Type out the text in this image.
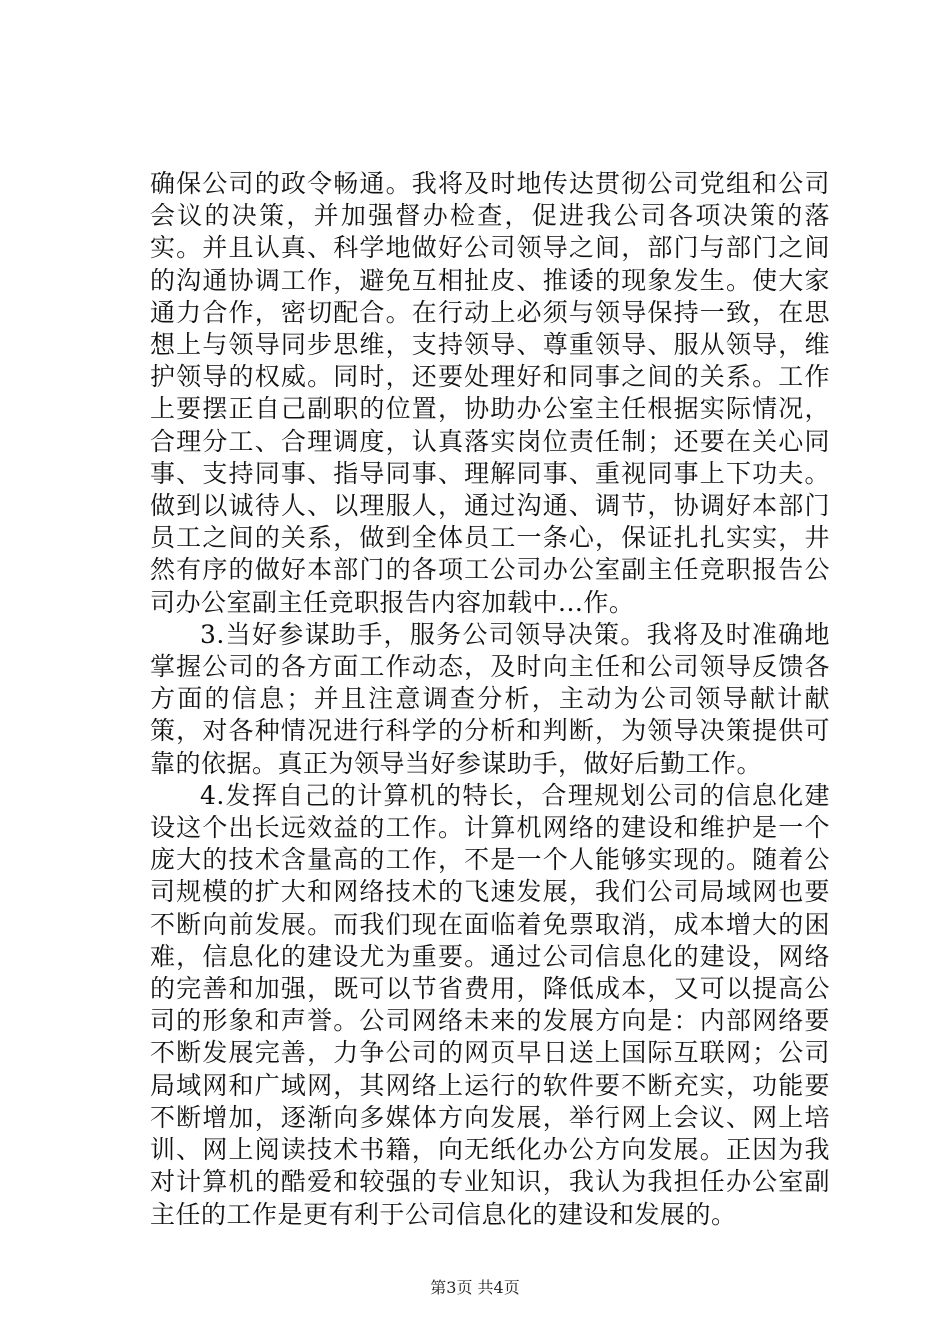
确保公司的政令畅通。我将及时地传达贯彻公司党组和公司会议的决策，并加强督办检查，促进我公司各项决策的落实。并且认真、科学地做好公司领导之间，部门与部门之间的沟通协调工作，避免互相扯皮、推诿的现象发生。使大家通力合作，密切配合。在行动上必须与领导保持一致，在思想上与领导同步思维，支持领导、尊重领导、服从领导，维护领导的权威。同时，还要处理好和同事之间的关系。工作上要摆正自己副职的位置，协助办公室主任根据实际情况，合理分工、合理调度，认真落实岗位责任制；还要在关心同事、支持同事、指导同事、理解同事、重视同事上下功夫。做到以诚待人、以理服人，通过沟通、调节，协调好本部门员工之间的关系，做到全体员工一条心，保证扎扎实实，井然有序的做好本部门的各项工公司办公室副主任竞职报告公司办公室副主任竞职报告内容加载中...作。

3.当好参谋助手，服务公司领导决策。我将及时准确地掌握公司的各方面工作动态，及时向主任和公司领导反馈各方面的信息；并且注意调查分析，主动为公司领导献计献策，对各种情况进行科学的分析和判断，为领导决策提供可靠的依据。真正为领导当好参谋助手，做好后勤工作。

4.发挥自己的计算机的特长，合理规划公司的信息化建设这个出长远效益的工作。计算机网络的建设和维护是一个庞大的技术含量高的工作，不是一个人能够实现的。随着公司规模的扩大和网络技术的飞速发展，我们公司局域网也要不断向前发展。而我们现在面临着免票取消，成本增大的困难，信息化的建设尤为重要。通过公司信息化的建设，网络的完善和加强，既可以节省费用，降低成本，又可以提高公司的形象和声誉。公司网络未来的发展方向是：内部网络要不断发展完善，力争公司的网页早日送上国际互联网；公司局域网和广域网，其网络上运行的软件要不断充实，功能要不断增加，逐渐向多媒体方向发展，举行网上会议、网上培训、网上阅读技术书籍，向无纸化办公方向发展。正因为我对计算机的酷爱和较强的专业知识，我认为我担任办公室副主任的工作是更有利于公司信息化的建设和发展的。

第3页 共4页
